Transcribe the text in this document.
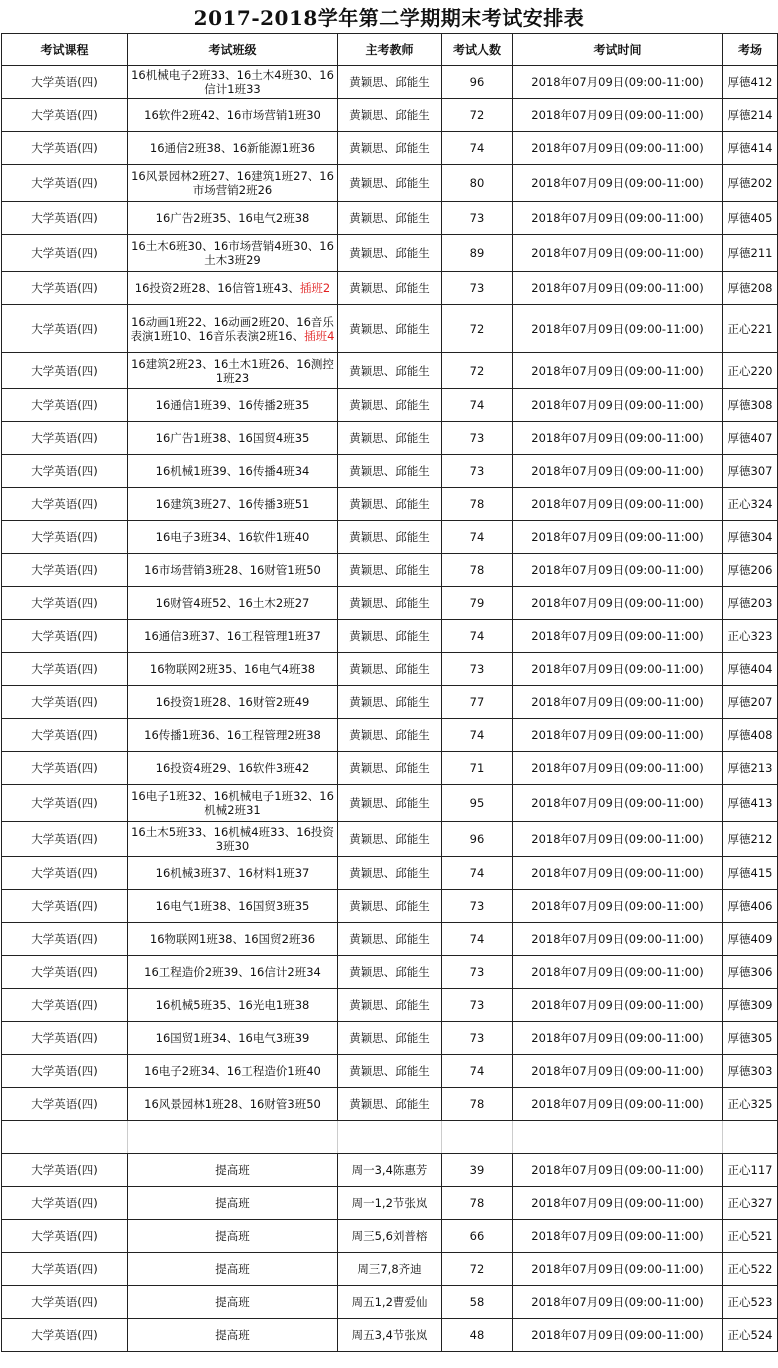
2017-2018学年第二学期期末考试安排表
考试课程	考试班级	主考教师	考试人数	考试时间	考场
大学英语(四)	16机械电子2班33、16土木4班30、16信计1班33	黄颖思、邱能生	96	2018年07月09日(09:00-11:00)	厚德412
大学英语(四)	16软件2班42、16市场营销1班30	黄颖思、邱能生	72	2018年07月09日(09:00-11:00)	厚德214
大学英语(四)	16通信2班38、16新能源1班36	黄颖思、邱能生	74	2018年07月09日(09:00-11:00)	厚德414
大学英语(四)	16风景园林2班27、16建筑1班27、16市场营销2班26	黄颖思、邱能生	80	2018年07月09日(09:00-11:00)	厚德202
大学英语(四)	16广告2班35、16电气2班38	黄颖思、邱能生	73	2018年07月09日(09:00-11:00)	厚德405
大学英语(四)	16土木6班30、16市场营销4班30、16土木3班29	黄颖思、邱能生	89	2018年07月09日(09:00-11:00)	厚德211
大学英语(四)	16投资2班28、16信管1班43、插班2	黄颖思、邱能生	73	2018年07月09日(09:00-11:00)	厚德208
大学英语(四)	16动画1班22、16动画2班20、16音乐表演1班10、16音乐表演2班16、插班4	黄颖思、邱能生	72	2018年07月09日(09:00-11:00)	正心221
大学英语(四)	16建筑2班23、16土木1班26、16测控1班23	黄颖思、邱能生	72	2018年07月09日(09:00-11:00)	正心220
大学英语(四)	16通信1班39、16传播2班35	黄颖思、邱能生	74	2018年07月09日(09:00-11:00)	厚德308
大学英语(四)	16广告1班38、16国贸4班35	黄颖思、邱能生	73	2018年07月09日(09:00-11:00)	厚德407
大学英语(四)	16机械1班39、16传播4班34	黄颖思、邱能生	73	2018年07月09日(09:00-11:00)	厚德307
大学英语(四)	16建筑3班27、16传播3班51	黄颖思、邱能生	78	2018年07月09日(09:00-11:00)	正心324
大学英语(四)	16电子3班34、16软件1班40	黄颖思、邱能生	74	2018年07月09日(09:00-11:00)	厚德304
大学英语(四)	16市场营销3班28、16财管1班50	黄颖思、邱能生	78	2018年07月09日(09:00-11:00)	厚德206
大学英语(四)	16财管4班52、16土木2班27	黄颖思、邱能生	79	2018年07月09日(09:00-11:00)	厚德203
大学英语(四)	16通信3班37、16工程管理1班37	黄颖思、邱能生	74	2018年07月09日(09:00-11:00)	正心323
大学英语(四)	16物联网2班35、16电气4班38	黄颖思、邱能生	73	2018年07月09日(09:00-11:00)	厚德404
大学英语(四)	16投资1班28、16财管2班49	黄颖思、邱能生	77	2018年07月09日(09:00-11:00)	厚德207
大学英语(四)	16传播1班36、16工程管理2班38	黄颖思、邱能生	74	2018年07月09日(09:00-11:00)	厚德408
大学英语(四)	16投资4班29、16软件3班42	黄颖思、邱能生	71	2018年07月09日(09:00-11:00)	厚德213
大学英语(四)	16电子1班32、16机械电子1班32、16机械2班31	黄颖思、邱能生	95	2018年07月09日(09:00-11:00)	厚德413
大学英语(四)	16土木5班33、16机械4班33、16投资3班30	黄颖思、邱能生	96	2018年07月09日(09:00-11:00)	厚德212
大学英语(四)	16机械3班37、16材料1班37	黄颖思、邱能生	74	2018年07月09日(09:00-11:00)	厚德415
大学英语(四)	16电气1班38、16国贸3班35	黄颖思、邱能生	73	2018年07月09日(09:00-11:00)	厚德406
大学英语(四)	16物联网1班38、16国贸2班36	黄颖思、邱能生	74	2018年07月09日(09:00-11:00)	厚德409
大学英语(四)	16工程造价2班39、16信计2班34	黄颖思、邱能生	73	2018年07月09日(09:00-11:00)	厚德306
大学英语(四)	16机械5班35、16光电1班38	黄颖思、邱能生	73	2018年07月09日(09:00-11:00)	厚德309
大学英语(四)	16国贸1班34、16电气3班39	黄颖思、邱能生	73	2018年07月09日(09:00-11:00)	厚德305
大学英语(四)	16电子2班34、16工程造价1班40	黄颖思、邱能生	74	2018年07月09日(09:00-11:00)	厚德303
大学英语(四)	16风景园林1班28、16财管3班50	黄颖思、邱能生	78	2018年07月09日(09:00-11:00)	正心325

大学英语(四)	提高班	周一3,4陈惠芳	39	2018年07月09日(09:00-11:00)	正心117
大学英语(四)	提高班	周一1,2节张岚	78	2018年07月09日(09:00-11:00)	正心327
大学英语(四)	提高班	周三5,6刘普榕	66	2018年07月09日(09:00-11:00)	正心521
大学英语(四)	提高班	周三7,8齐迪	72	2018年07月09日(09:00-11:00)	正心522
大学英语(四)	提高班	周五1,2曹爱仙	58	2018年07月09日(09:00-11:00)	正心523
大学英语(四)	提高班	周五3,4节张岚	48	2018年07月09日(09:00-11:00)	正心524
